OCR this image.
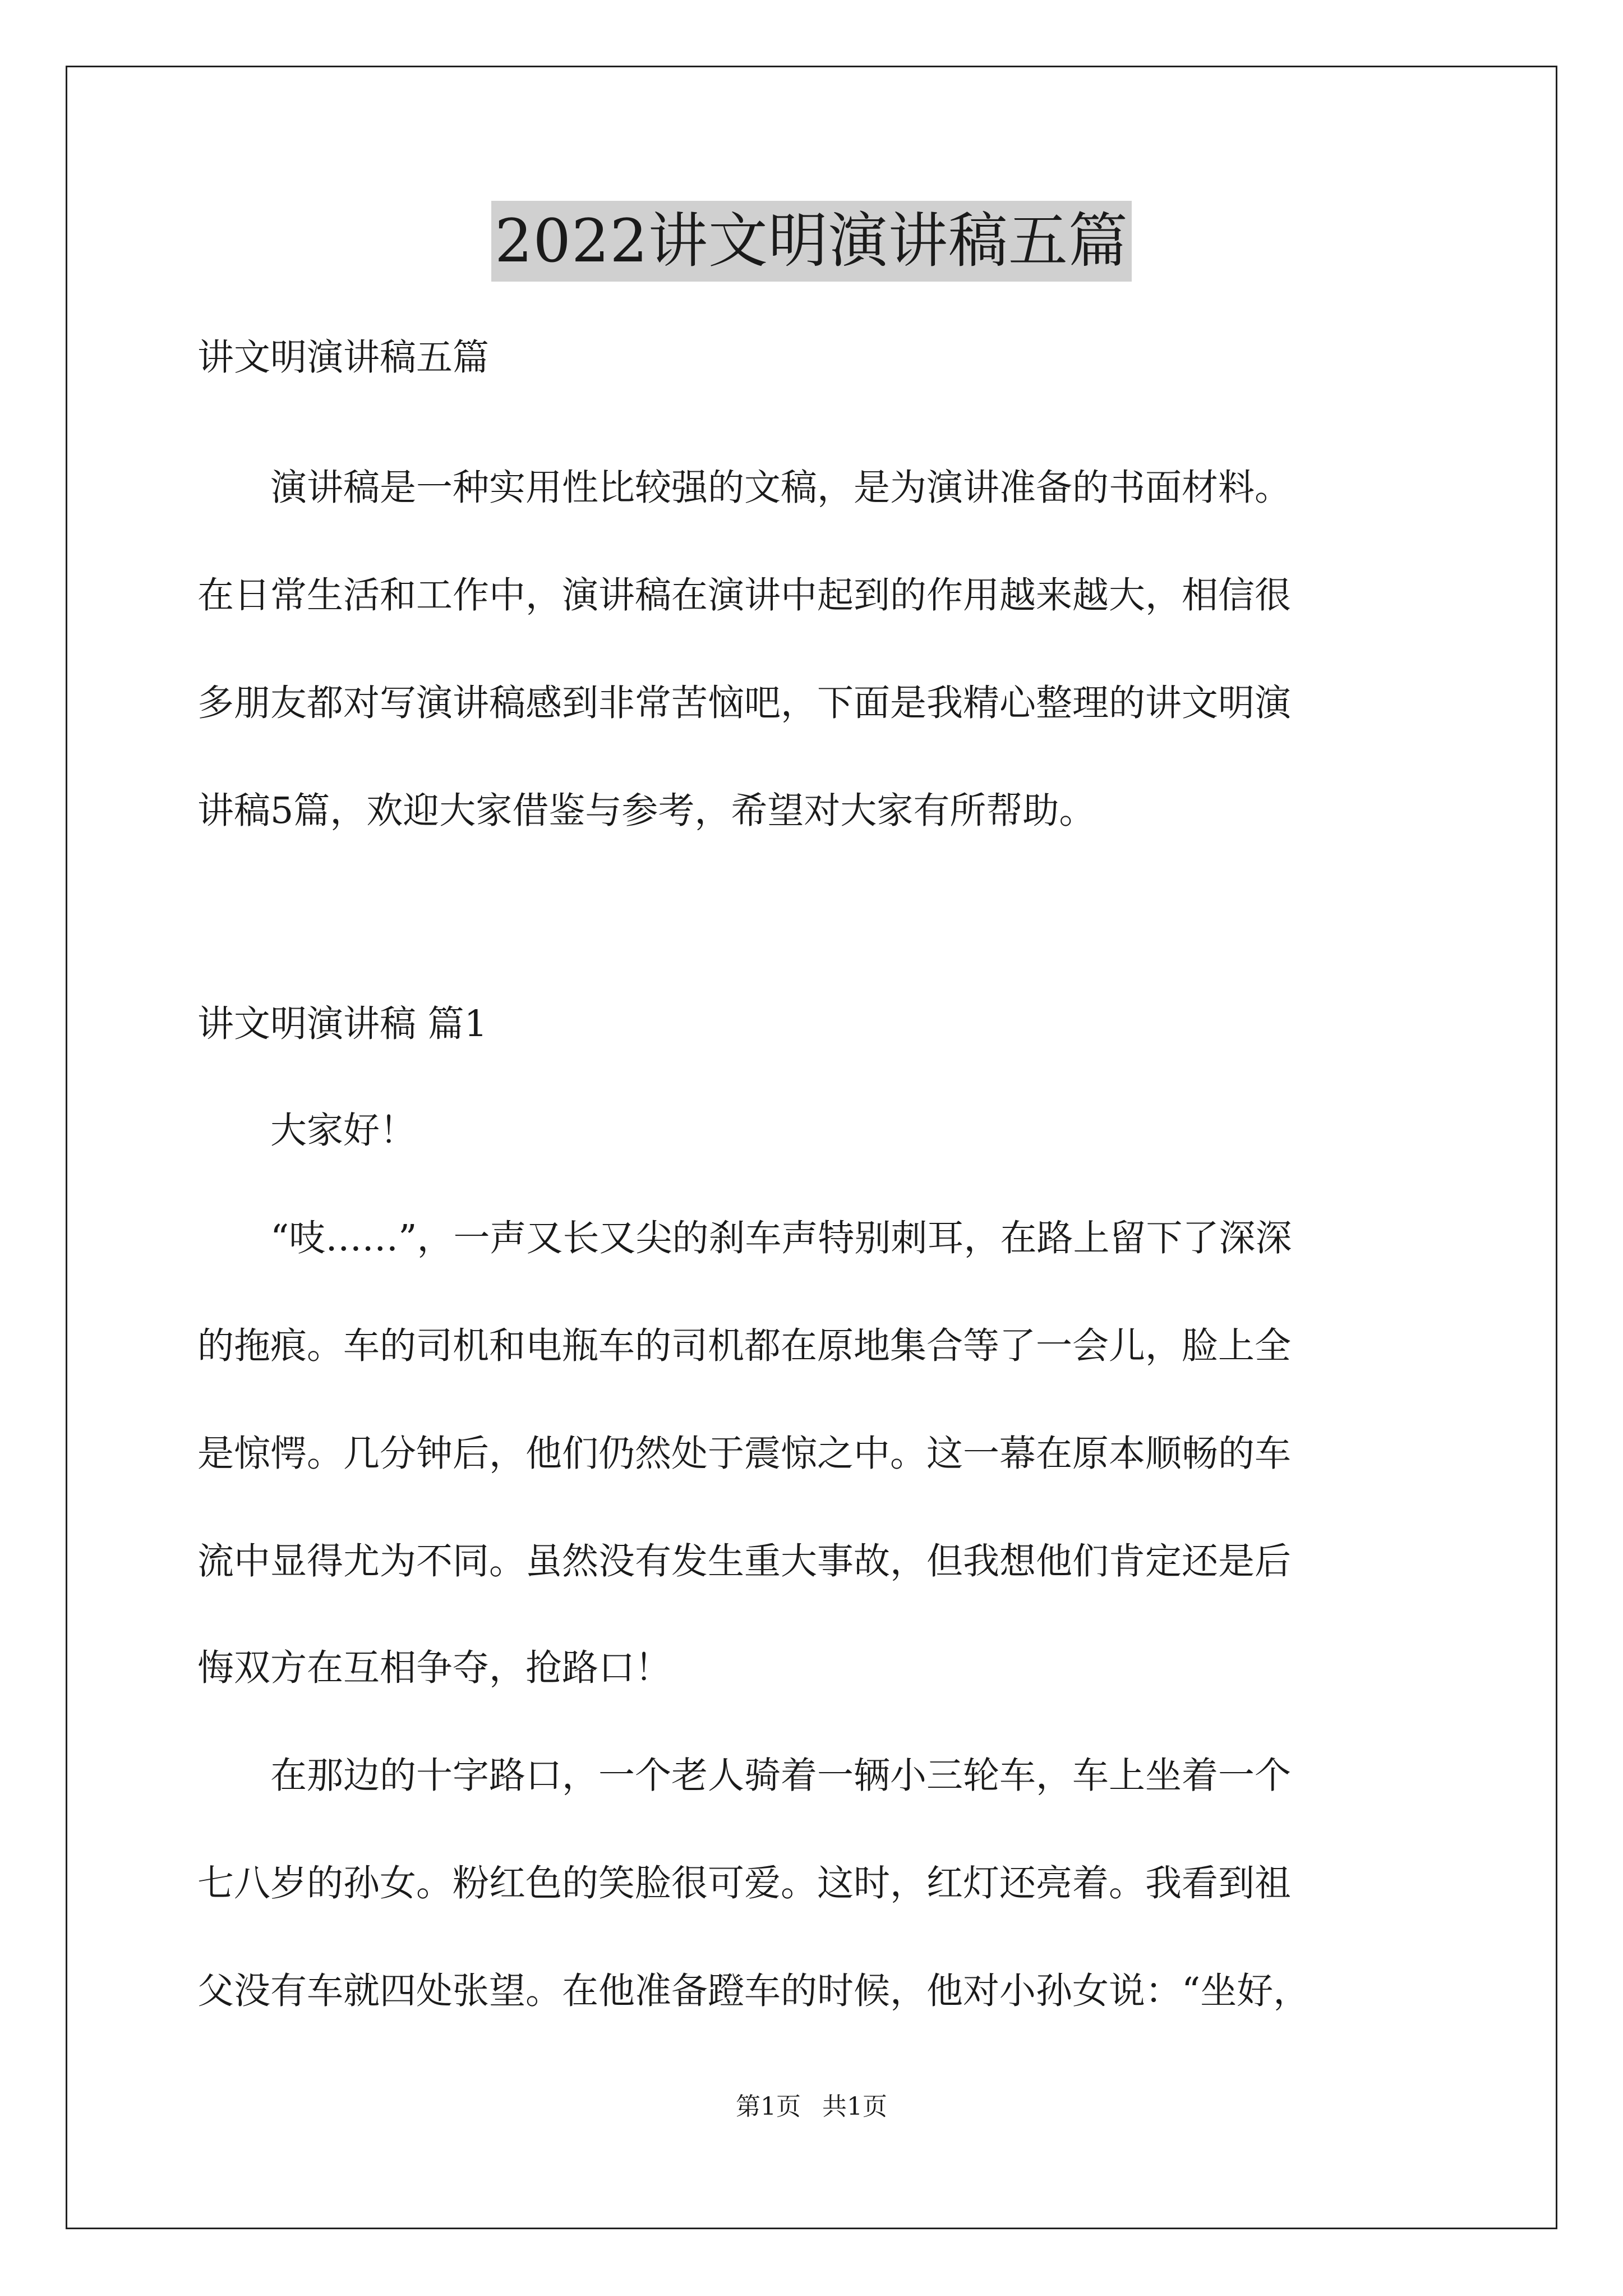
2022讲文明演讲稿五篇
讲文明演讲稿五篇
　　演讲稿是一种实用性比较强的文稿，是为演讲准备的书面材料。
在日常生活和工作中，演讲稿在演讲中起到的作用越来越大，相信很
多朋友都对写演讲稿感到非常苦恼吧，下面是我精心整理的讲文明演
讲稿5篇，欢迎大家借鉴与参考，希望对大家有所帮助。
讲文明演讲稿 篇1
　　大家好！
　　“吱……”，一声又长又尖的刹车声特别刺耳，在路上留下了深深
的拖痕。车的司机和电瓶车的司机都在原地集合等了一会儿，脸上全
是惊愕。几分钟后，他们仍然处于震惊之中。这一幕在原本顺畅的车
流中显得尤为不同。虽然没有发生重大事故，但我想他们肯定还是后
悔双方在互相争夺，抢路口！
　　在那边的十字路口，一个老人骑着一辆小三轮车，车上坐着一个
七八岁的孙女。粉红色的笑脸很可爱。这时，红灯还亮着。我看到祖
父没有车就四处张望。在他准备蹬车的时候，他对小孙女说：“坐好，
第1页 共1页
